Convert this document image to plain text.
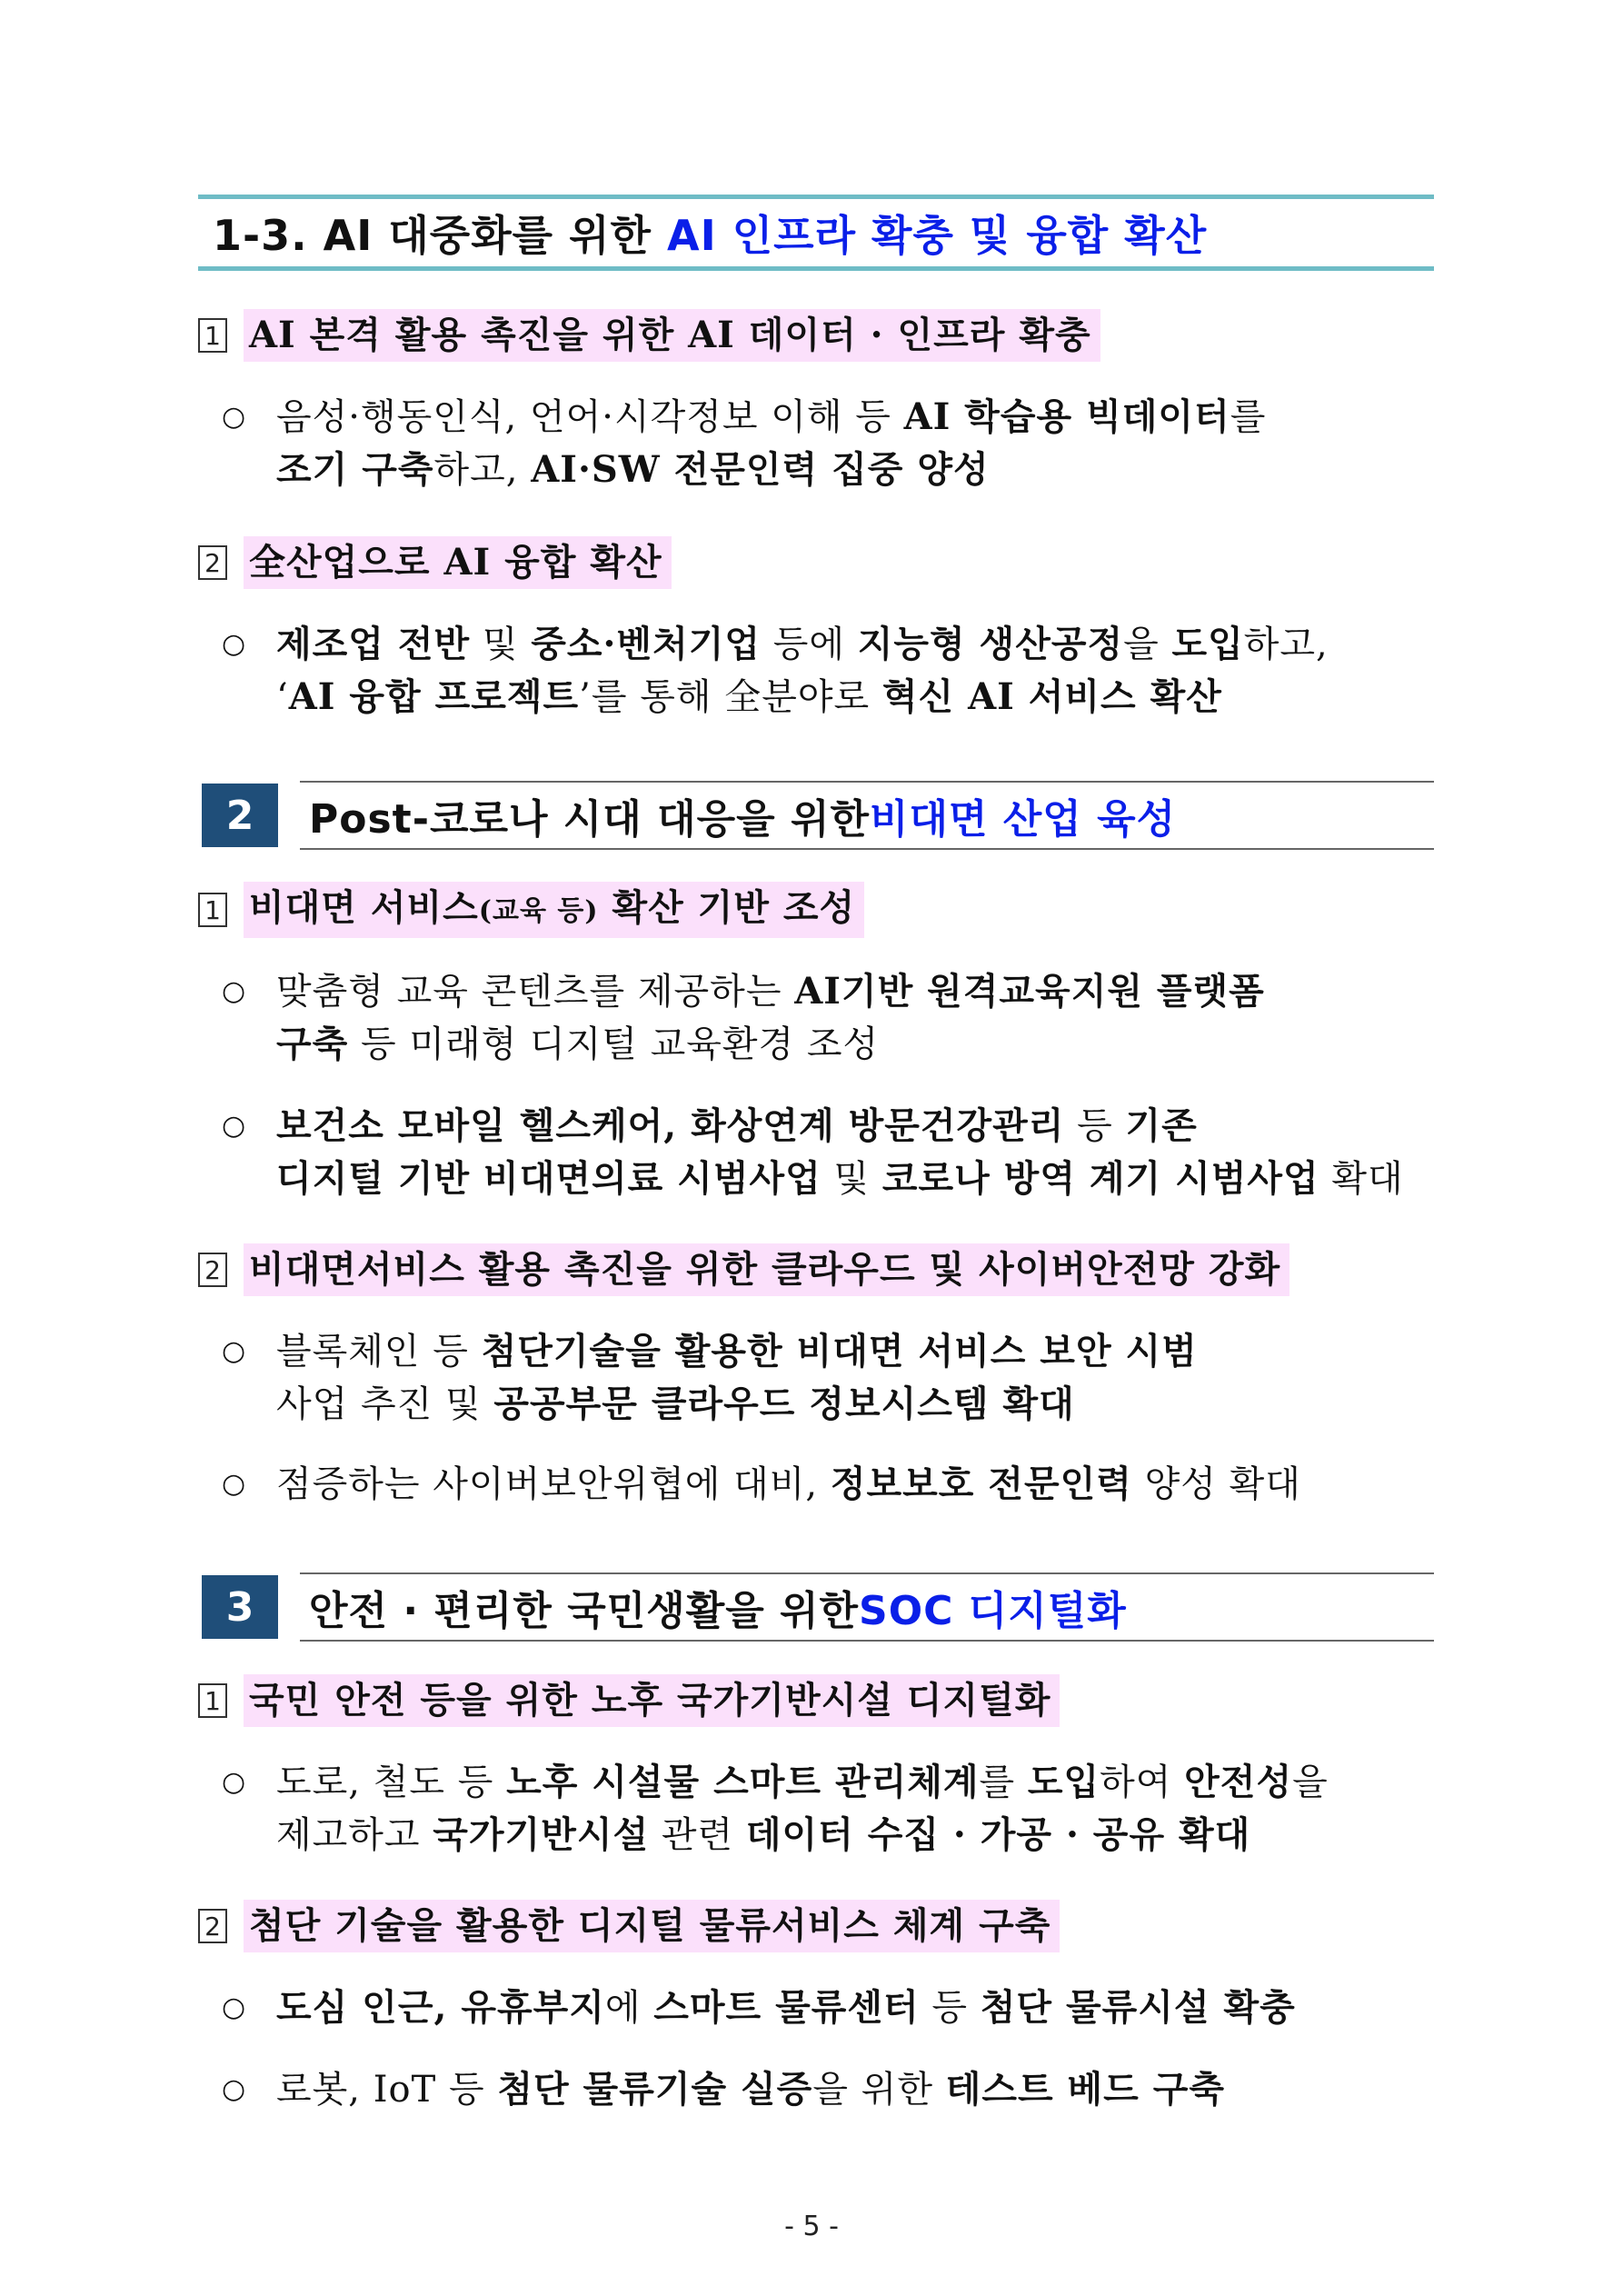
1-3. AI 대중화를 위한 AI 인프라 확충 및 융합 확산
1 AI 본격 활용 촉진을 위한 AI 데이터 · 인프라 확충
○ 음성·행동인식, 언어·시각정보 이해 등 AI 학습용 빅데이터를
조기 구축하고, AI·SW 전문인력 집중 양성
2 全산업으로 AI 융합 확산
○ 제조업 전반 및 중소·벤처기업 등에 지능형 생산공정을 도입하고,
‘AI 융합 프로젝트’를 통해 全분야로 혁신 AI 서비스 확산
2	Post-코로나 시대 대응을 위한 비대면 산업 육성
1 비대면 서비스(교육 등) 확산 기반 조성
○ 맞춤형 교육 콘텐츠를 제공하는 AI기반 원격교육지원 플랫폼
구축 등 미래형 디지털 교육환경 조성
○ 보건소 모바일 헬스케어, 화상연계 방문건강관리 등 기존
디지털 기반 비대면의료 시범사업 및 코로나 방역 계기 시범사업 확대
2 비대면서비스 활용 촉진을 위한 클라우드 및 사이버안전망 강화
○ 블록체인 등 첨단기술을 활용한 비대면 서비스 보안 시범
사업 추진 및 공공부문 클라우드 정보시스템 확대
○ 점증하는 사이버보안위협에 대비, 정보보호 전문인력 양성 확대
3	안전 · 편리한 국민생활을 위한 SOC 디지털화
1 국민 안전 등을 위한 노후 국가기반시설 디지털화
○ 도로, 철도 등 노후 시설물 스마트 관리체계를 도입하여 안전성을
제고하고 국가기반시설 관련 데이터 수집 · 가공 · 공유 확대
2 첨단 기술을 활용한 디지털 물류서비스 체계 구축
○ 도심 인근, 유휴부지에 스마트 물류센터 등 첨단 물류시설 확충
○ 로봇, IoT 등 첨단 물류기술 실증을 위한 테스트 베드 구축
- 5 -
